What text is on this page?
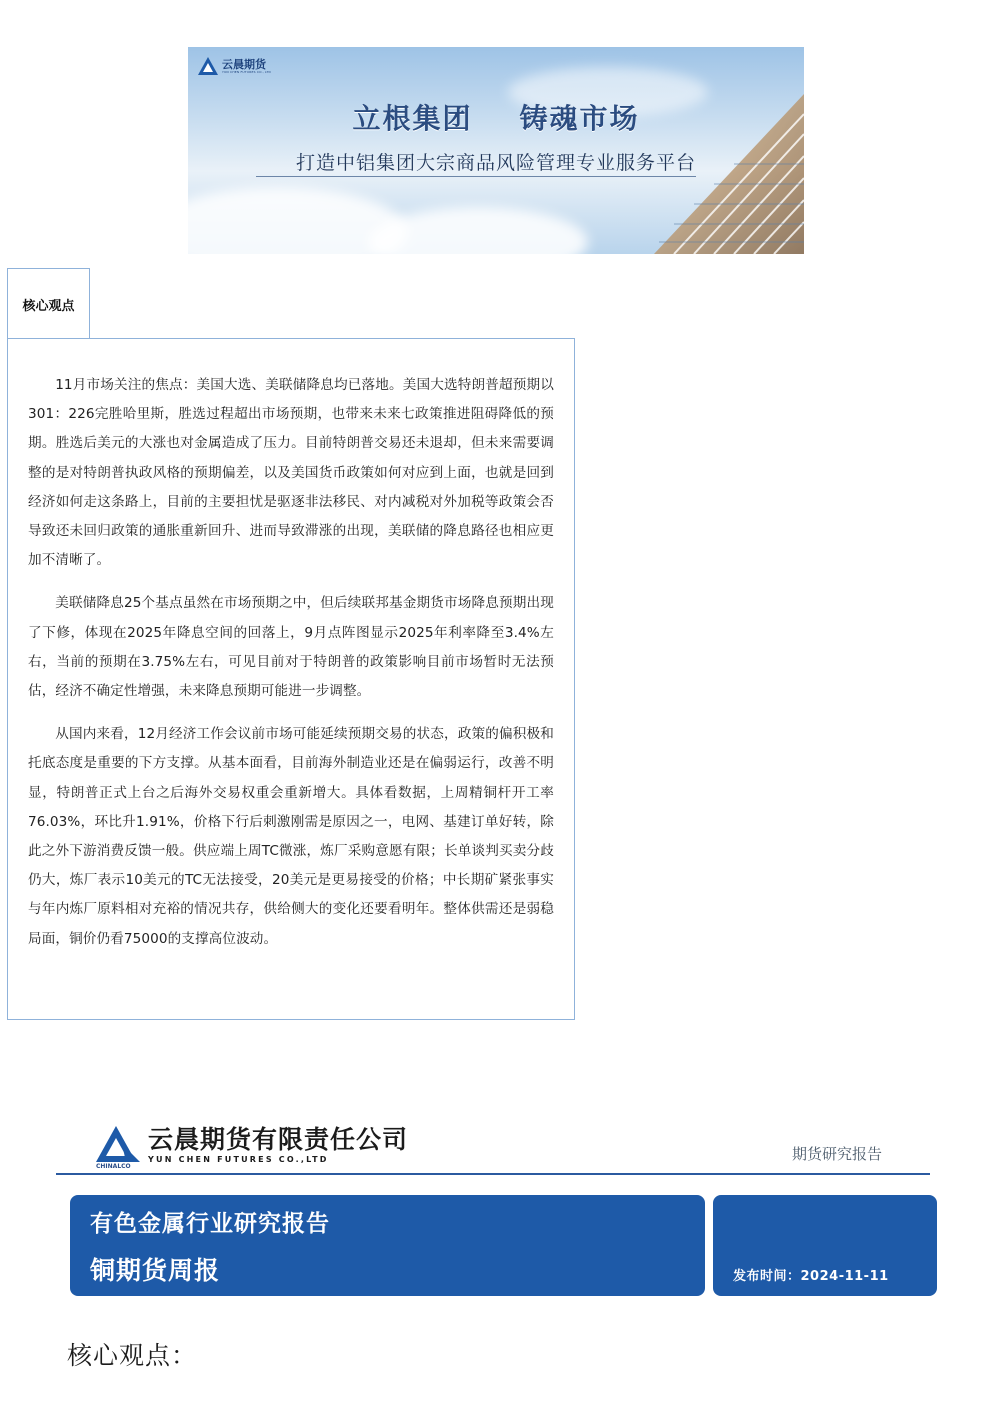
云晨期货
YUN CHEN FUTURES CO., LTD
立根集团    铸魂市场
打造中铝集团大宗商品风险管理专业服务平台
核心观点

11月市场关注的焦点：美国大选、美联储降息均已落地。美国大选特朗普超预期以301：226完胜哈里斯，胜选过程超出市场预期，也带来未来七政策推进阻碍降低的预期。胜选后美元的大涨也对金属造成了压力。目前特朗普交易还未退却，但未来需要调整的是对特朗普执政风格的预期偏差，以及美国货币政策如何对应到上面，也就是回到经济如何走这条路上，目前的主要担忧是驱逐非法移民、对内减税对外加税等政策会否导致还未回归政策的通胀重新回升、进而导致滞涨的出现，美联储的降息路径也相应更加不清晰了。

美联储降息25个基点虽然在市场预期之中，但后续联邦基金期货市场降息预期出现了下修，体现在2025年降息空间的回落上，9月点阵图显示2025年利率降至3.4%左右，当前的预期在3.75%左右，可见目前对于特朗普的政策影响目前市场暂时无法预估，经济不确定性增强，未来降息预期可能进一步调整。

从国内来看，12月经济工作会议前市场可能延续预期交易的状态，政策的偏积极和托底态度是重要的下方支撑。从基本面看，目前海外制造业还是在偏弱运行，改善不明显，特朗普正式上台之后海外交易权重会重新增大。具体看数据，上周精铜杆开工率76.03%，环比升1.91%，价格下行后刺激刚需是原因之一，电网、基建订单好转，除此之外下游消费反馈一般。供应端上周TC微涨，炼厂采购意愿有限；长单谈判买卖分歧仍大，炼厂表示10美元的TC无法接受，20美元是更易接受的价格；中长期矿紧张事实与年内炼厂原料相对充裕的情况共存，供给侧大的变化还要看明年。整体供需还是弱稳局面，铜价仍看75000的支撑高位波动。

云晨期货有限责任公司
YUN CHEN FUTURES CO.,LTD
CHINALCO
期货研究报告
有色金属行业研究报告
铜期货周报	发布时间：2024-11-11
核心观点：
